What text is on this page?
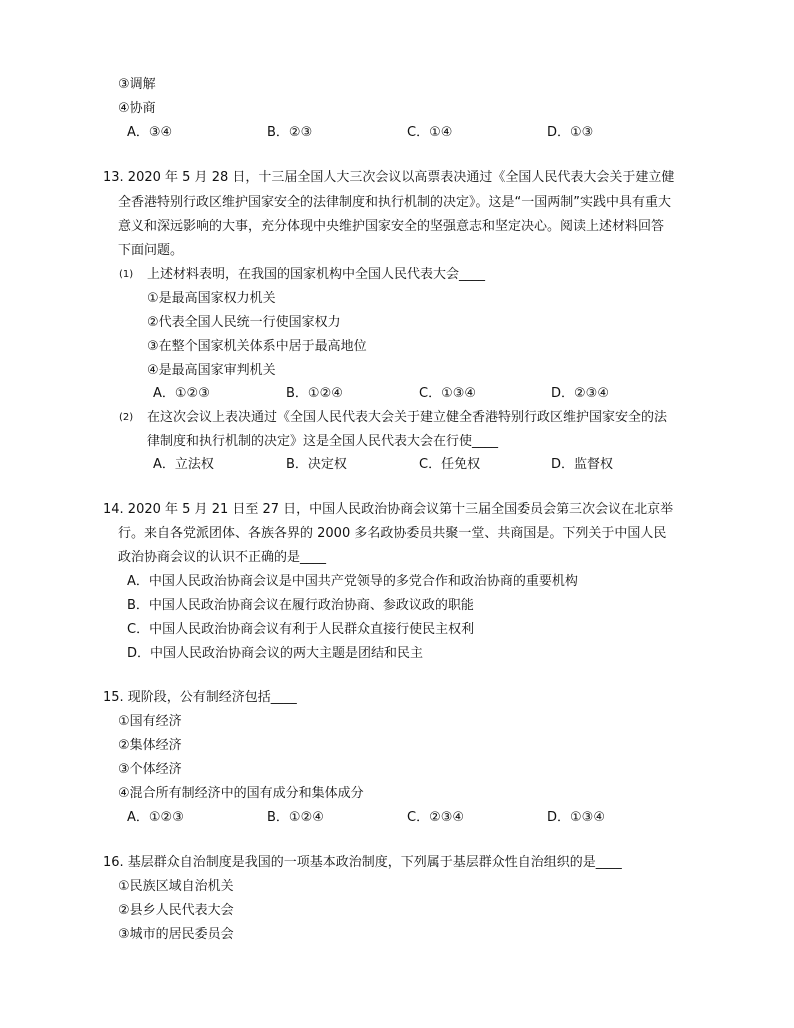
③调解
④协商
A．③④	B．②③	C．①④	D．①③
13. 2020 年 5 月 28 日，十三届全国人大三次会议以高票表决通过《全国人民代表大会关于建立健
全香港特别行政区维护国家安全的法律制度和执行机制的决定》。这是“一国两制”实践中具有重大
意义和深远影响的大事，充分体现中央维护国家安全的坚强意志和坚定决心。阅读上述材料回答
下面问题。
(1) 上述材料表明，在我国的国家机构中全国人民代表大会____
①是最高国家权力机关
②代表全国人民统一行使国家权力
③在整个国家机关体系中居于最高地位
④是最高国家审判机关
A．①②③	B．①②④	C．①③④	D．②③④
(2) 在这次会议上表决通过《全国人民代表大会关于建立健全香港特别行政区维护国家安全的法
律制度和执行机制的决定》这是全国人民代表大会在行使____
A．立法权	B．决定权	C．任免权	D．监督权
14. 2020 年 5 月 21 日至 27 日，中国人民政治协商会议第十三届全国委员会第三次会议在北京举
行。来自各党派团体、各族各界的 2000 多名政协委员共聚一堂、共商国是。下列关于中国人民
政治协商会议的认识不正确的是____
A．中国人民政治协商会议是中国共产党领导的多党合作和政治协商的重要机构
B．中国人民政治协商会议在履行政治协商、参政议政的职能
C．中国人民政治协商会议有利于人民群众直接行使民主权利
D．中国人民政治协商会议的两大主题是团结和民主
15. 现阶段，公有制经济包括____
①国有经济
②集体经济
③个体经济
④混合所有制经济中的国有成分和集体成分
A．①②③	B．①②④	C．②③④	D．①③④
16. 基层群众自治制度是我国的一项基本政治制度，下列属于基层群众性自治组织的是____
①民族区域自治机关
②县乡人民代表大会
③城市的居民委员会
